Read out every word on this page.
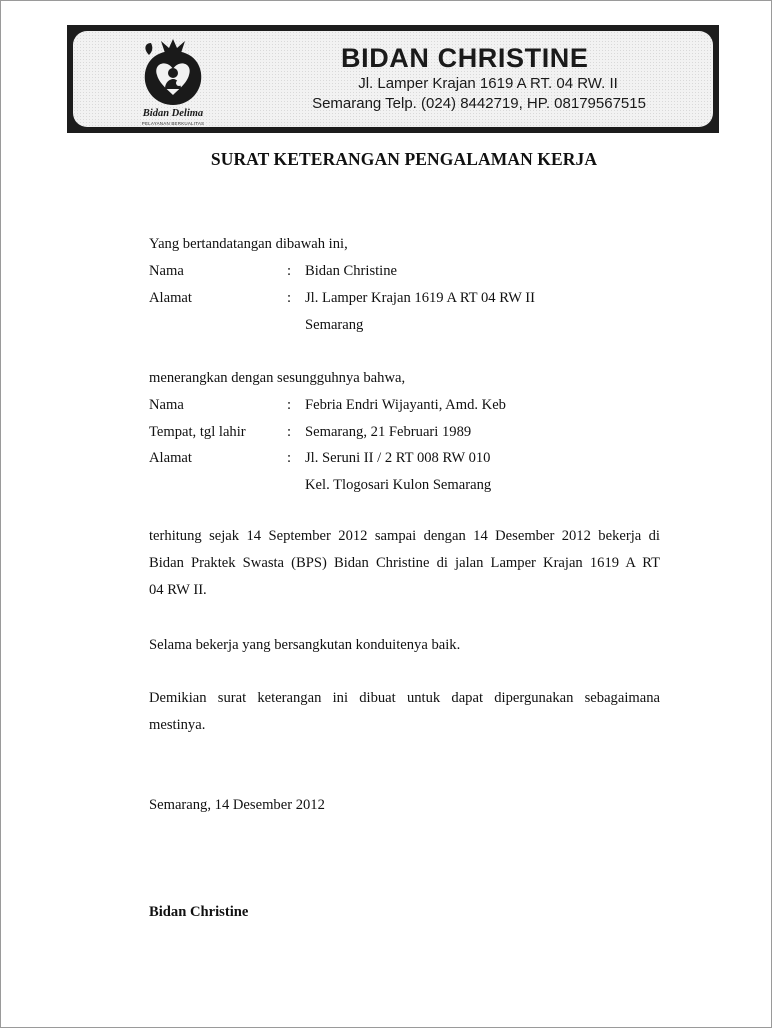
Bidan Delima
PELAYANAN BERKUALITAS
BIDAN CHRISTINE
Jl. Lamper Krajan 1619 A RT. 04 RW. II
Semarang Telp. (024) 8442719, HP. 08179567515
SURAT KETERANGAN PENGALAMAN KERJA
Yang bertandatangan dibawah ini,
Nama	: Bidan Christine
Alamat	: Jl. Lamper Krajan 1619 A RT 04 RW II
Semarang
menerangkan dengan sesungguhnya bahwa,
Nama	: Febria Endri Wijayanti, Amd. Keb
Tempat, tgl lahir	: Semarang, 21 Februari 1989
Alamat	: Jl. Seruni II / 2 RT 008 RW 010
Kel. Tlogosari Kulon Semarang
terhitung sejak 14 September 2012 sampai dengan 14 Desember 2012 bekerja di
Bidan Praktek Swasta (BPS) Bidan Christine di jalan Lamper Krajan 1619 A RT
04 RW II.
Selama bekerja yang bersangkutan konduitenya baik.
Demikian surat keterangan ini dibuat untuk dapat dipergunakan sebagaimana
mestinya.
Semarang, 14 Desember 2012
Bidan Christine
